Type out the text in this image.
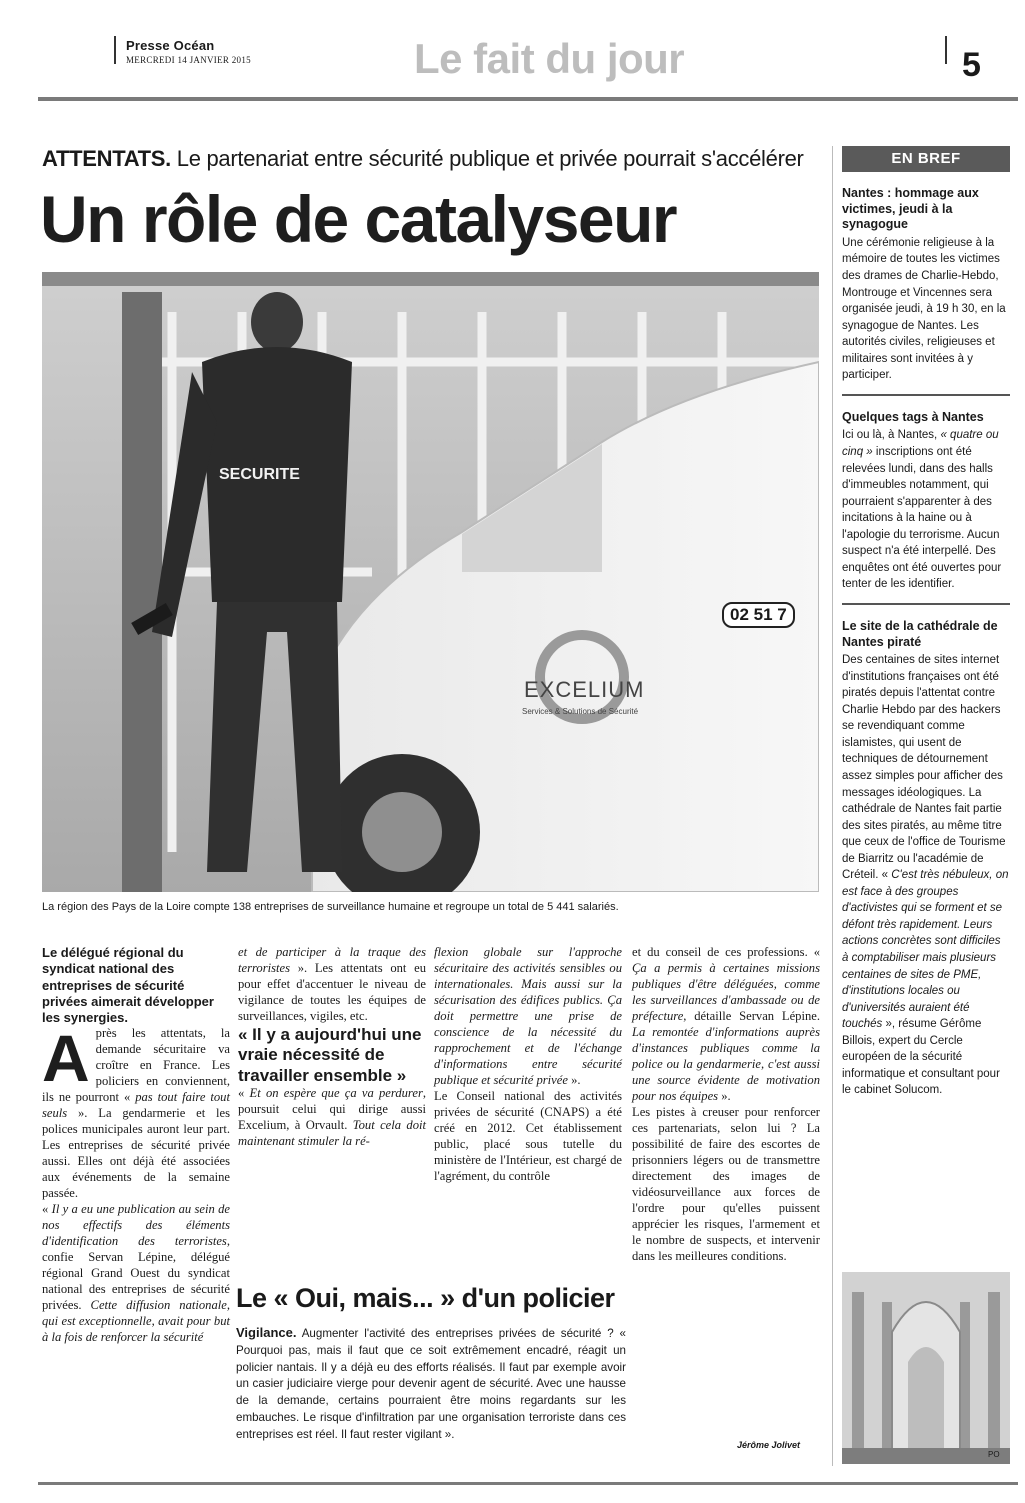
Presse Océan
MERCREDI 14 JANVIER 2015	Le fait du jour	5
ATTENTATS. Le partenariat entre sécurité publique et privée pourrait s'accélérer
Un rôle de catalyseur
SECURITE
02 51 7
EXCELIUM
Services & Solutions de Sécurité
La région des Pays de la Loire compte 138 entreprises de surveillance humaine et regroupe un total de 5 441 salariés.
EN BREF
Nantes : hommage aux victimes, jeudi à la synagogue
Une cérémonie religieuse à la mémoire de toutes les victimes des drames de Charlie-Hebdo, Montrouge et Vincennes sera organisée jeudi, à 19 h 30, en la synagogue de Nantes. Les autorités civiles, religieuses et militaires sont invitées à y participer.
Quelques tags à Nantes
Ici ou là, à Nantes, « quatre ou cinq » inscriptions ont été relevées lundi, dans des halls d'immeubles notamment, qui pourraient s'apparenter à des incitations à la haine ou à l'apologie du terrorisme. Aucun suspect n'a été interpellé. Des enquêtes ont été ouvertes pour tenter de les identifier.
Le site de la cathédrale de Nantes piraté
Des centaines de sites internet d'institutions françaises ont été piratés depuis l'attentat contre Charlie Hebdo par des hackers se revendiquant comme islamistes, qui usent de techniques de détournement assez simples pour afficher des messages idéologiques. La cathédrale de Nantes fait partie des sites piratés, au même titre que ceux de l'office de Tourisme de Biarritz ou l'académie de Créteil. « C'est très nébuleux, on est face à des groupes d'activistes qui se forment et se défont très rapidement. Leurs actions concrètes sont difficiles à comptabiliser mais plusieurs centaines de sites de PME, d'institutions locales ou d'universités auraient été touchés », résume Gérôme Billois, expert du Cercle européen de la sécurité informatique et consultant pour le cabinet Solucom.
PO

Le délégué régional du syndicat national des entreprises de sécurité privées aimerait développer les synergies.

A près les attentats, la demande sécuritaire va croître en France. Les policiers en conviennent, ils ne pourront « pas tout faire tout seuls ». La gendarmerie et les polices municipales auront leur part. Les entreprises de sécurité privée aussi. Elles ont déjà été associées aux événements de la semaine passée.
« Il y a eu une publication au sein de nos effectifs des éléments d'identification des terroristes, confie Servan Lépine, délégué régional Grand Ouest du syndicat national des entreprises de sécurité privées. Cette diffusion nationale, qui est exceptionnelle, avait pour but à la fois de renforcer la sécurité

et de participer à la traque des terroristes ». Les attentats ont eu pour effet d'accentuer le niveau de vigilance de toutes les équipes de surveillances, vigiles, etc.

« Il y a aujourd'hui une vraie nécessité de travailler ensemble »

« Et on espère que ça va perdurer, poursuit celui qui dirige aussi Excelium, à Orvault. Tout cela doit maintenant stimuler la ré-

flexion globale sur l'approche sécuritaire des activités sensibles ou internationales. Mais aussi sur la sécurisation des édifices publics. Ça doit permettre une prise de conscience de la nécessité du rapprochement et de l'échange d'informations entre sécurité publique et sécurité privée ».
Le Conseil national des activités privées de sécurité (CNAPS) a été créé en 2012. Cet établissement public, placé sous tutelle du ministère de l'Intérieur, est chargé de l'agrément, du contrôle

et du conseil de ces professions. « Ça a permis à certaines missions publiques d'être déléguées, comme les surveillances d'ambassade ou de préfecture, détaille Servan Lépine. La remontée d'informations auprès d'instances publiques comme la police ou la gendarmerie, c'est aussi une source évidente de motivation pour nos équipes ».
Les pistes à creuser pour renforcer ces partenariats, selon lui ? La possibilité de faire des escortes de prisonniers légers ou de transmettre directement des images de vidéosurveillance aux forces de l'ordre pour qu'elles puissent apprécier les risques, l'armement et le nombre de suspects, et intervenir dans les meilleures conditions.

Le « Oui, mais... » d'un policier
Vigilance. Augmenter l'activité des entreprises privées de sécurité ? « Pourquoi pas, mais il faut que ce soit extrêmement encadré, réagit un policier nantais. Il y a déjà eu des efforts réalisés. Il faut par exemple avoir un casier judiciaire vierge pour devenir agent de sécurité. Avec une hausse de la demande, certains pourraient être moins regardants sur les embauches. Le risque d'infiltration par une organisation terroriste dans ces entreprises est réel. Il faut rester vigilant ».
Jérôme Jolivet
